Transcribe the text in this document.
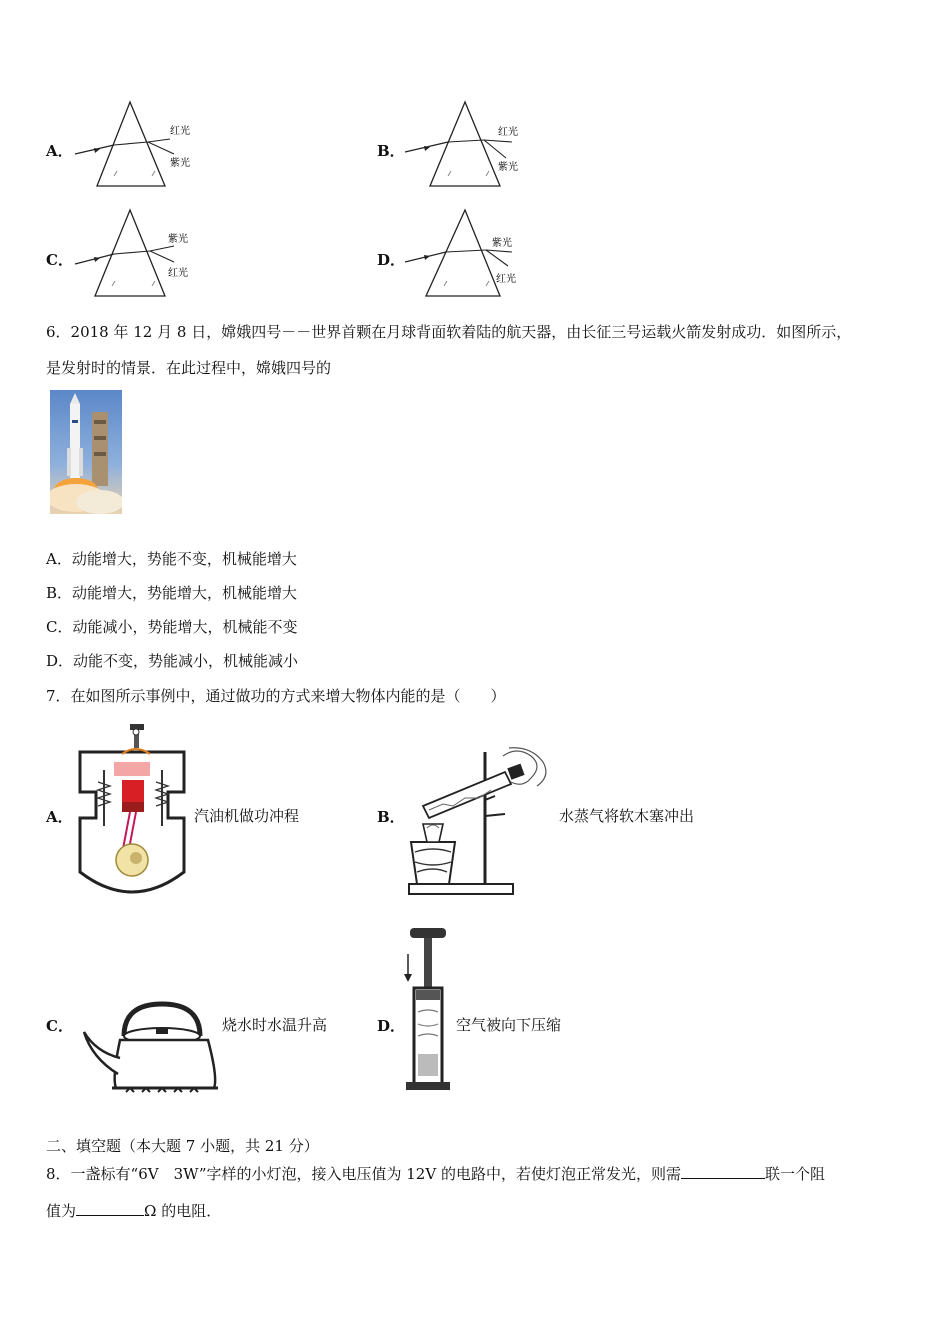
A．
红光
紫光
B．
红光
紫光
C．
紫光
红光
D．
紫光
红光
6．2018 年 12 月 8 日，嫦娥四号－－世界首颗在月球背面软着陆的航天器，由长征三号运载火箭发射成功．如图所示，
是发射时的情景．在此过程中，嫦娥四号的
A．动能增大，势能不变，机械能增大
B．动能增大，势能增大，机械能增大
C．动能减小，势能增大，机械能不变
D．动能不变，势能减小，机械能减小
7．在如图所示事例中，通过做功的方式来增大物体内能的是（　　）
A．	汽油机做功冲程	B．	水蒸气将软木塞冲出
C．	烧水时水温升高	D．	空气被向下压缩
二、填空题（本大题 7 小题，共 21 分）
8．一盏标有“6V　3W”字样的小灯泡，接入电压值为 12V 的电路中，若使灯泡正常发光，则需	联一个阻
值为	Ω 的电阻．
